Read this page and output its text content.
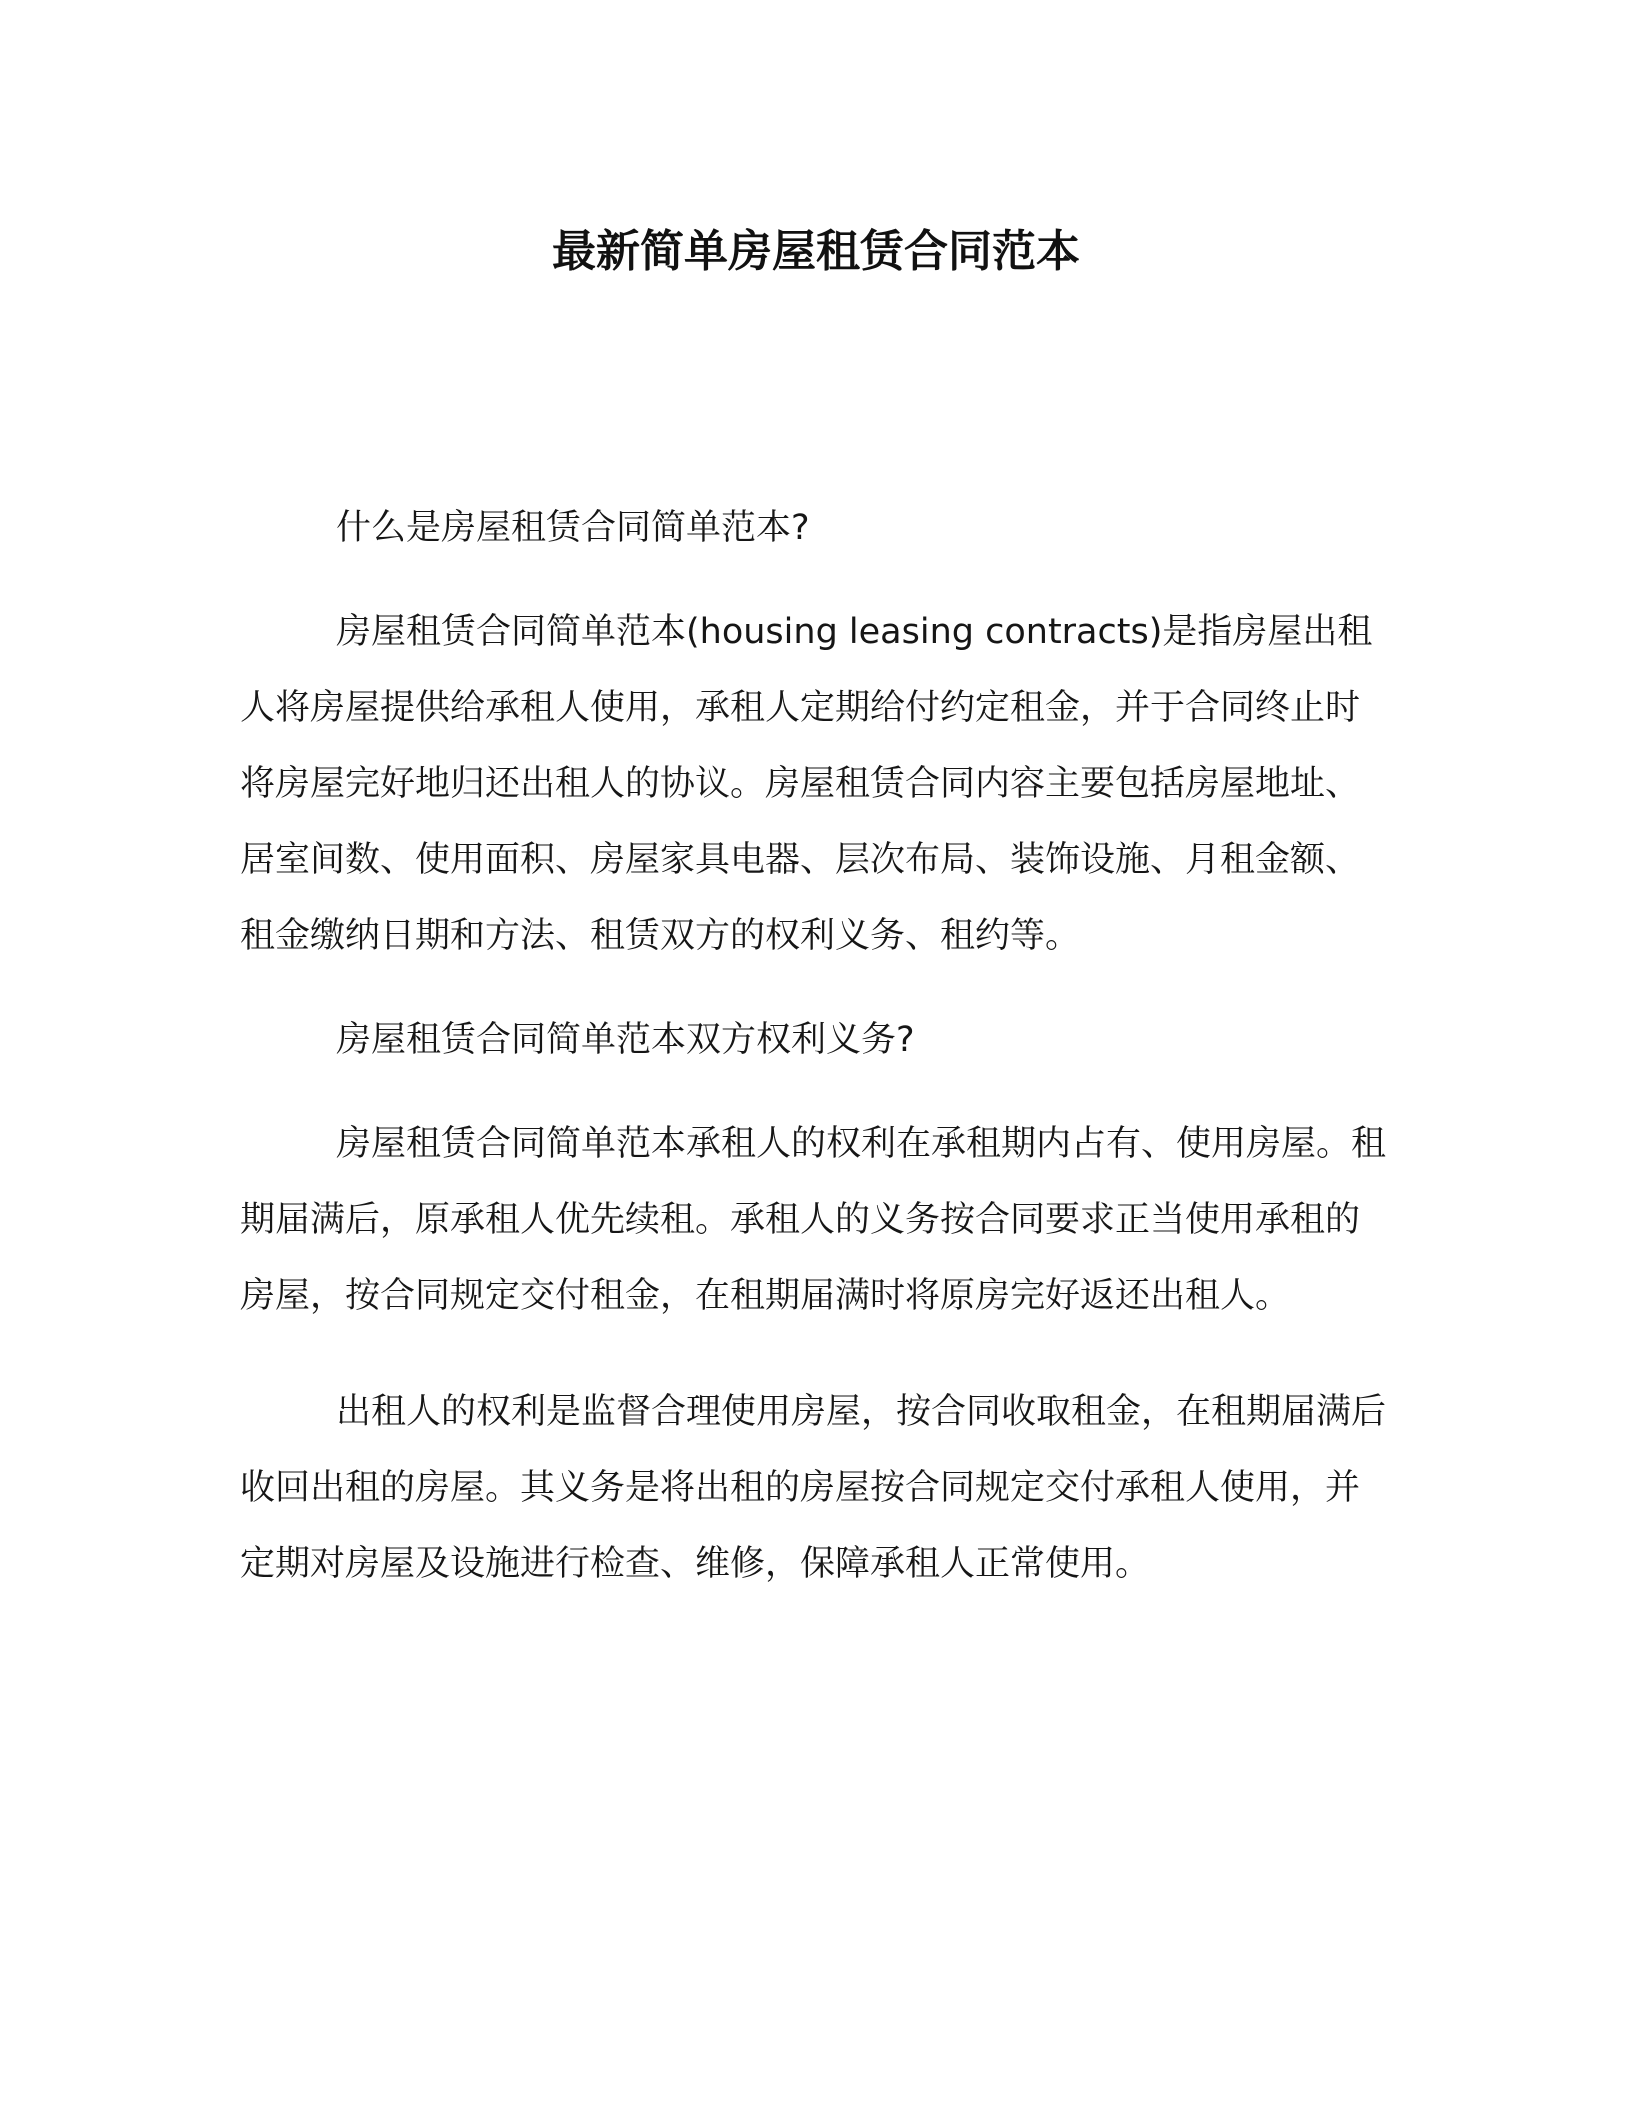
最新简单房屋租赁合同范本

什么是房屋租赁合同简单范本?

房屋租赁合同简单范本(housing leasing contracts)是指房屋出租人将房屋提供给承租人使用，承租人定期给付约定租金，并于合同终止时将房屋完好地归还出租人的协议。房屋租赁合同内容主要包括房屋地址、居室间数、使用面积、房屋家具电器、层次布局、装饰设施、月租金额、租金缴纳日期和方法、租赁双方的权利义务、租约等。

房屋租赁合同简单范本双方权利义务?

房屋租赁合同简单范本承租人的权利在承租期内占有、使用房屋。租期届满后，原承租人优先续租。承租人的义务按合同要求正当使用承租的房屋，按合同规定交付租金，在租期届满时将原房完好返还出租人。

出租人的权利是监督合理使用房屋，按合同收取租金，在租期届满后收回出租的房屋。其义务是将出租的房屋按合同规定交付承租人使用，并定期对房屋及设施进行检查、维修，保障承租人正常使用。
